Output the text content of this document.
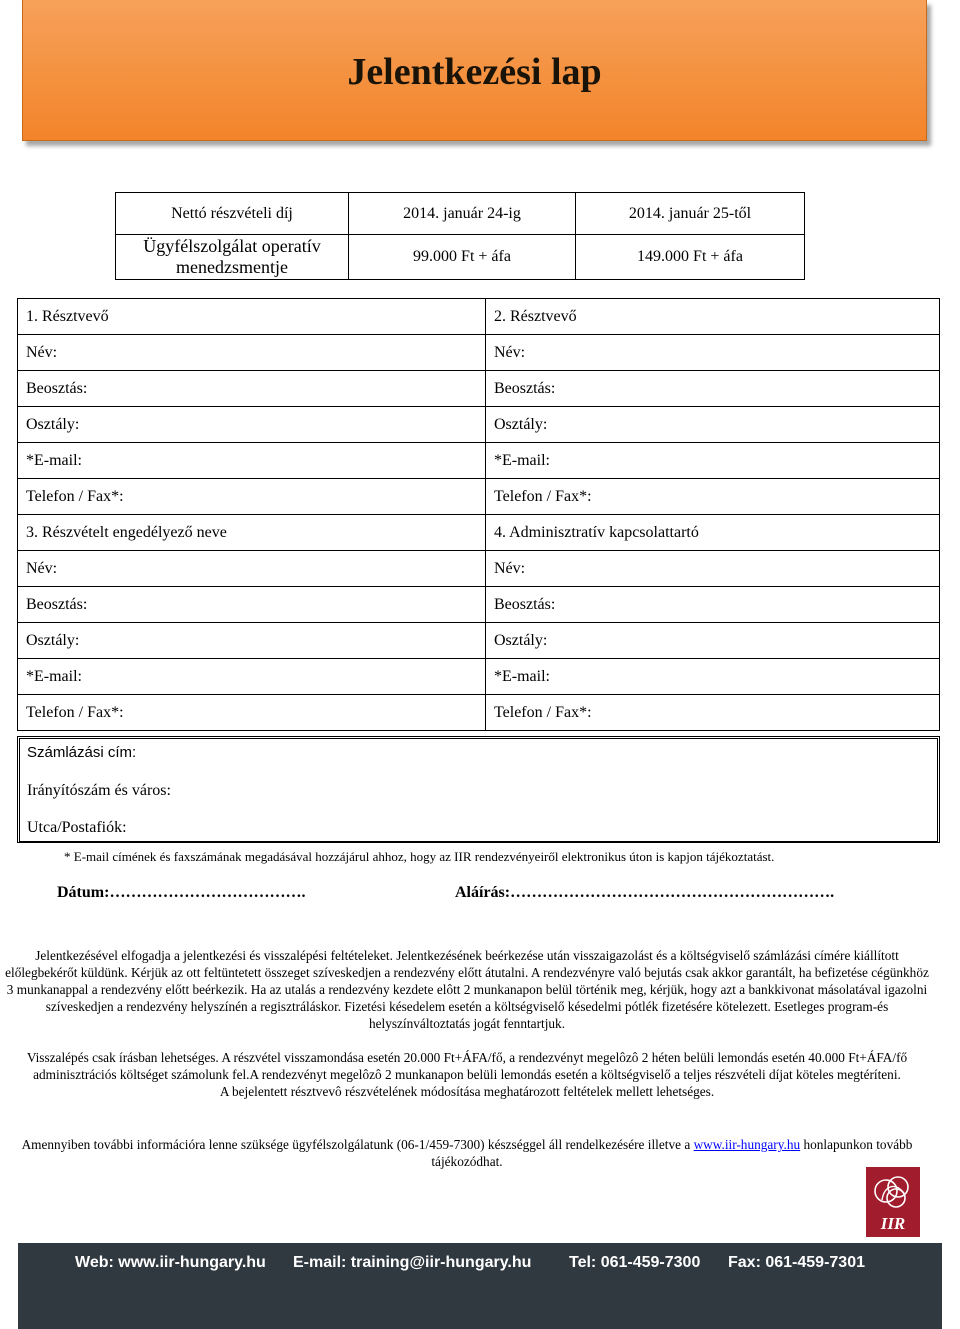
Jelentkezési lap
Nettó részvételi díj	2014. január 24-ig	2014. január 25-től
Ügyfélszolgálat operatív menedzsmentje	99.000 Ft + áfa	149.000 Ft + áfa
1. Résztvevő	2. Résztvevő
Név:	Név:
Beosztás:	Beosztás:
Osztály:	Osztály:
*E-mail:	*E-mail:
Telefon / Fax*:	Telefon / Fax*:
3. Részvételt engedélyező neve	4. Adminisztratív kapcsolattartó
Név:	Név:
Beosztás:	Beosztás:
Osztály:	Osztály:
*E-mail:	*E-mail:
Telefon / Fax*:	Telefon / Fax*:
Számlázási cím:
Irányítószám és város:
Utca/Postafiók:
* E-mail címének és faxszámának megadásával hozzájárul ahhoz, hogy az IIR rendezvényeiről elektronikus úton is kapjon tájékoztatást.
Dátum:……………………………….	Aláírás:…………………………………………………….

Jelentkezésével elfogadja a jelentkezési és visszalépési feltételeket. Jelentkezésének beérkezése után visszaigazolást és a költségviselő számlázási címére kiállított előlegbekérőt küldünk. Kérjük az ott feltüntetett összeget szíveskedjen a rendezvény előtt átutalni. A rendezvényre való bejutás csak akkor garantált, ha befizetése cégünkhöz 3 munkanappal a rendezvény előtt beérkezik. Ha az utalás a rendezvény kezdete elôtt 2 munkanapon belül történik meg, kérjük, hogy azt a bankkivonat másolatával igazolni szíveskedjen a rendezvény helyszínén a regisztráláskor. Fizetési késedelem esetén a költségviselő késedelmi pótlék fizetésére kötelezett. Esetleges program-és helyszínváltoztatás jogát fenntartjuk.

Visszalépés csak írásban lehetséges. A részvétel visszamondása esetén 20.000 Ft+ÁFA/fő, a rendezvényt megelôzô 2 héten belüli lemondás esetén 40.000 Ft+ÁFA/fő adminisztrációs költséget számolunk fel.A rendezvényt megelôzô 2 munkanapon belüli lemondás esetén a költségviselő a teljes részvételi díjat köteles megtéríteni.

A bejelentett résztvevô részvételének módosítása meghatározott feltételek mellett lehetséges.

Amennyiben további információra lenne szüksége ügyfélszolgálatunk (06-1/459-7300) készséggel áll rendelkezésére illetve a www.iir-hungary.hu honlapunkon tovább tájékozódhat.

IIR
Web: www.iir-hungary.hu E-mail: training@iir-hungary.hu Tel: 061-459-7300 Fax: 061-459-7301
